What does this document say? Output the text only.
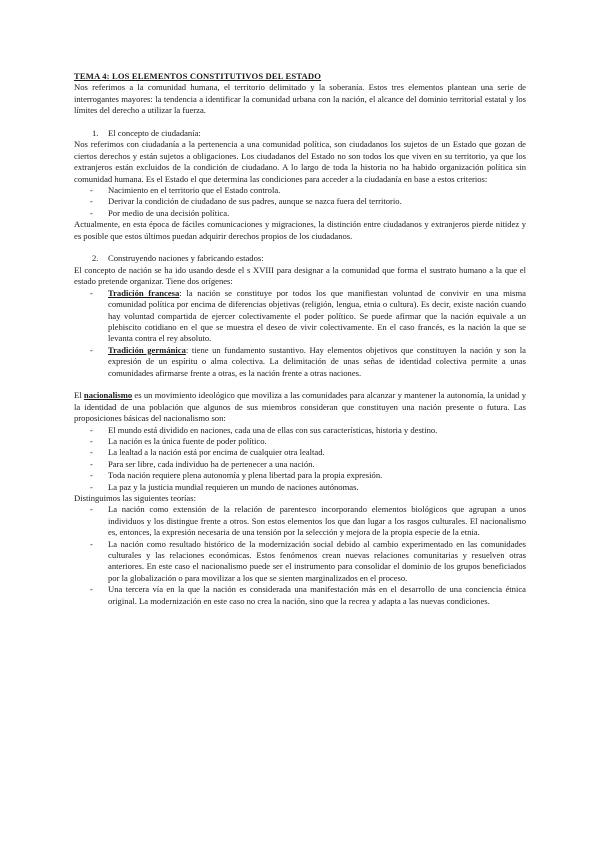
TEMA 4: LOS ELEMENTOS CONSTITUTIVOS DEL ESTADO

Nos referimos a la comunidad humana, el territorio delimitado y la soberanía. Estos tres elementos plantean una serie de interrogantes mayores: la tendencia a identificar la comunidad urbana con la nación, el alcance del dominio territorial estatal y los límites del derecho a utilizar la fuerza.

1. El concepto de ciudadanía:

Nos referimos con ciudadanía a la pertenencia a una comunidad política, son ciudadanos los sujetos de un Estado que gozan de ciertos derechos y están sujetos a obligaciones. Los ciudadanos del Estado no son todos los que viven en su territorio, ya que los extranjeros están excluidos de la condición de ciudadano. A lo largo de toda la historia no ha habido organización política sin comunidad humana. Es el Estado el que determina las condiciones para acceder a la ciudadanía en base a estos criterios:

- Nacimiento en el territorio que el Estado controla.
- Derivar la condición de ciudadano de sus padres, aunque se nazca fuera del territorio.
- Por medio de una decisión política.

Actualmente, en esta época de fáciles comunicaciones y migraciones, la distinción entre ciudadanos y extranjeros pierde nitidez y es posible que estos últimos puedan adquirir derechos propios de los ciudadanos.

2. Construyendo naciones y fabricando estados:

El concepto de nación se ha ido usando desde el s XVIII para designar a la comunidad que forma el sustrato humano a la que el estado pretende organizar. Tiene dos orígenes:

- Tradición francesa: la nación se constituye por todos los que manifiestan voluntad de convivir en una misma comunidad política por encima de diferencias objetivas (religión, lengua, etnia o cultura). Es decir, existe nación cuando hay voluntad compartida de ejercer colectivamente el poder político. Se puede afirmar que la nación equivale a un plebiscito cotidiano en el que se muestra el deseo de vivir colectivamente. En el caso francés, es la nación la que se levanta contra el rey absoluto.
- Tradición germánica: tiene un fundamento sustantivo. Hay elementos objetivos que constituyen la nación y son la expresión de un espíritu o alma colectiva. La delimitación de unas señas de identidad colectiva permite a unas comunidades afirmarse frente a otras, es la nación frente a otras naciones.

El nacionalismo es un movimiento ideológico que moviliza a las comunidades para alcanzar y mantener la autonomía, la unidad y la identidad de una población que algunos de sus miembros consideran que constituyen una nación presente o futura. Las proposiciones básicas del nacionalismo son:

- El mundo está dividido en naciones, cada una de ellas con sus características, historia y destino.
- La nación es la única fuente de poder político.
- La lealtad a la nación está por encima de cualquier otra lealtad.
- Para ser libre, cada individuo ha de pertenecer a una nación.
- Toda nación requiere plena autonomía y plena libertad para la propia expresión.
- La paz y la justicia mundial requieren un mundo de naciones autónomas.

Distinguimos las siguientes teorías:

- La nación como extensión de la relación de parentesco incorporando elementos biológicos que agrupan a unos individuos y los distingue frente a otros. Son estos elementos los que dan lugar a los rasgos culturales. El nacionalismo es, entonces, la expresión necesaria de una tensión por la selección y mejora de la propia especie de la etnia.
- La nación como resultado histórico de la modernización social debido al cambio experimentado en las comunidades culturales y las relaciones económicas. Estos fenómenos crean nuevas relaciones comunitarias y resuelven otras anteriores. En este caso el nacionalismo puede ser el instrumento para consolidar el dominio de los grupos beneficiados por la globalización o para movilizar a los que se sienten marginalizados en el proceso.
- Una tercera vía en la que la nación es considerada una manifestación más en el desarrollo de una conciencia étnica original. La modernización en este caso no crea la nación, sino que la recrea y adapta a las nuevas condiciones.
